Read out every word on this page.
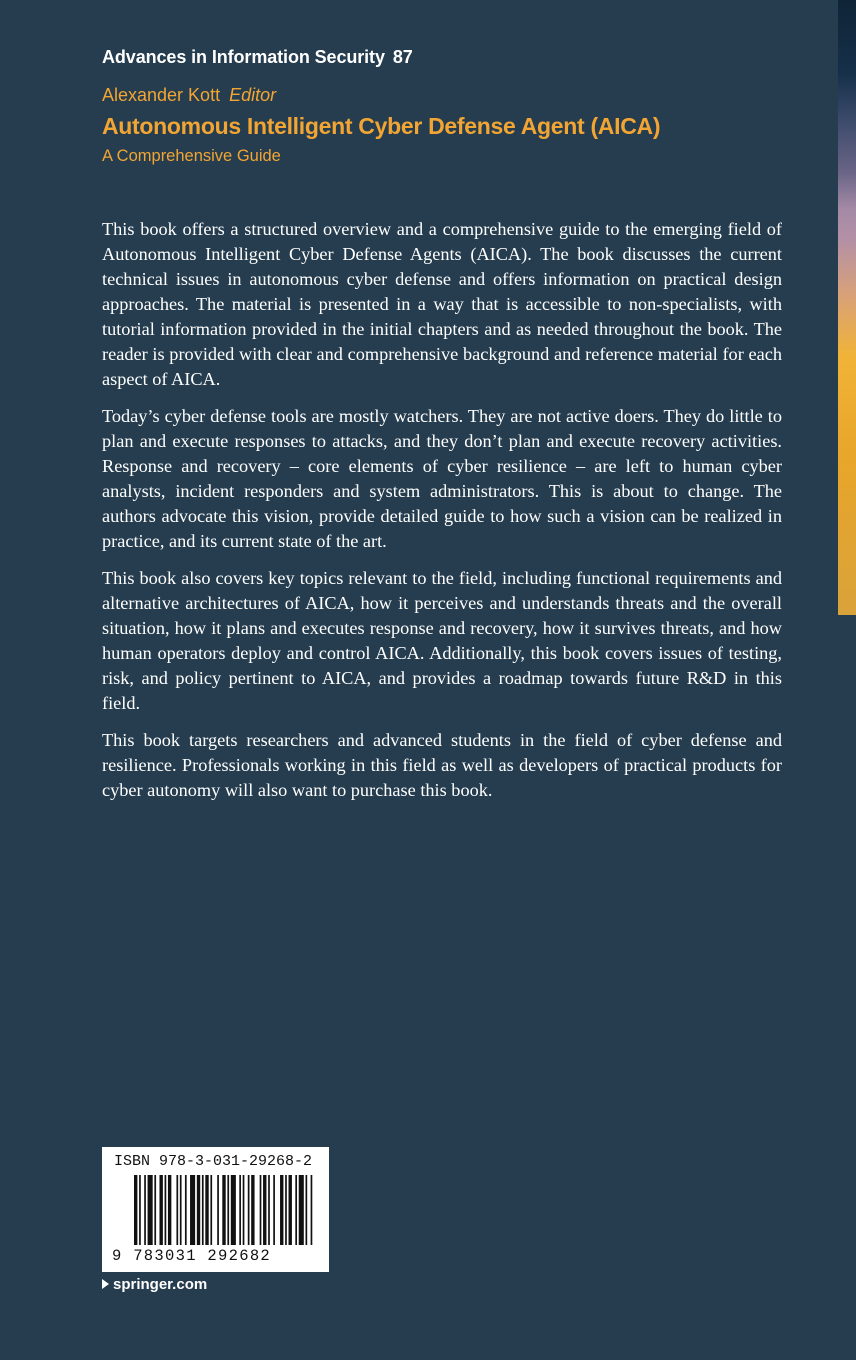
Advances in Information Security 87
Alexander Kott Editor
Autonomous Intelligent Cyber Defense Agent (AICA)
A Comprehensive Guide

This book offers a structured overview and a comprehensive guide to the emerging field of Autonomous Intelligent Cyber Defense Agents (AICA). The book discusses the current technical issues in autonomous cyber defense and offers information on practical design approaches. The material is presented in a way that is accessible to non-specialists, with tutorial information provided in the initial chapters and as needed throughout the book. The reader is provided with clear and comprehensive background and reference material for each aspect of AICA.

Today’s cyber defense tools are mostly watchers. They are not active doers. They do little to plan and execute responses to attacks, and they don’t plan and execute recovery activities. Response and recovery – core elements of cyber resilience – are left to human cyber analysts, incident responders and system administrators. This is about to change. The authors advocate this vision, provide detailed guide to how such a vision can be realized in practice, and its current state of the art.

This book also covers key topics relevant to the field, including functional requirements and alternative architectures of AICA, how it perceives and understands threats and the overall situation, how it plans and executes response and recovery, how it survives threats, and how human operators deploy and control AICA. Additionally, this book covers issues of testing, risk, and policy pertinent to AICA, and provides a roadmap towards future R&D in this field.

This book targets researchers and advanced students in the field of cyber defense and resilience. Professionals working in this field as well as developers of practical products for cyber autonomy will also want to purchase this book.

ISBN 978-3-031-29268-2
9 783031 292682
springer.com
